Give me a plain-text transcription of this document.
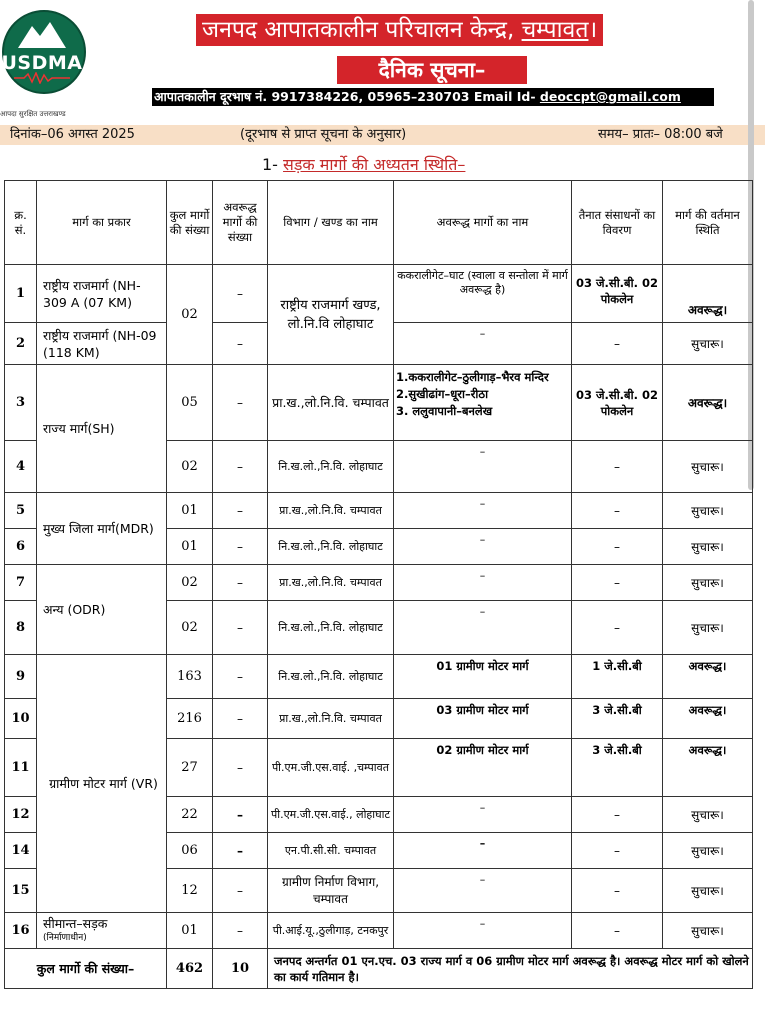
USDMA
आपदा सुरक्षित उत्तराखण्ड
जनपद आपातकालीन परिचालन केन्द्र, चम्पावत।
दैनिक सूचना–
आपातकालीन दूरभाष नं. 9917384226, 05965–230703 Email Id- deoccpt@gmail.com
दिनांक–06 अगस्त 2025	(दूरभाष से प्राप्त सूचना के अनुसार)	समय– प्रातः– 08:00 बजे
1- सड़क मार्गो की अध्यतन स्थिति–
क्र. सं.	मार्ग का प्रकार	कुल मार्गो की संख्या	अवरूद्ध मार्गो की संख्या	विभाग / खण्ड का नाम	अवरूद्ध मार्गो का नाम	तैनात संसाधनों का विवरण	मार्ग की वर्तमान स्थिति
1	राष्ट्रीय राजमार्ग (NH-309 A (07 KM)	02	–	राष्ट्रीय राजमार्ग खण्ड, लो.नि.वि लोहाघाट	ककरालीगेट–घाट (स्वाला व सन्तोला में मार्ग अवरूद्ध है)	03 जे.सी.बी. 02 पोकलेन	अवरूद्ध।
2	राष्ट्रीय राजमार्ग (NH-09 (118 KM)		–		–	–	सुचारू।
3	राज्य मार्ग(SH)	05	–	प्रा.ख.,लो.नि.वि. चम्पावत	1.ककरालीगेट–ठुलीगाड़–भैरव मन्दिर
2.सुखीढांग–धूरा–रीठा
3. ललुवापानी–बनलेख	03 जे.सी.बी. 02 पोकलेन	अवरूद्ध।
4		02	–	नि.ख.लो.,नि.वि. लोहाघाट	–	–	सुचारू।
5	मुख्य जिला मार्ग(MDR)	01	–	प्रा.ख.,लो.नि.वि. चम्पावत	–	–	सुचारू।
6		01	–	नि.ख.लो.,नि.वि. लोहाघाट	–	–	सुचारू।
7	अन्य (ODR)	02	–	प्रा.ख.,लो.नि.वि. चम्पावत	–	–	सुचारू।
8		02	–	नि.ख.लो.,नि.वि. लोहाघाट	–	–	सुचारू।
9	ग्रामीण मोटर मार्ग (VR)	163	–	नि.ख.लो.,नि.वि. लोहाघाट	01 ग्रामीण मोटर मार्ग	1 जे.सी.बी	अवरूद्ध।
10		216	–	प्रा.ख.,लो.नि.वि. चम्पावत	03 ग्रामीण मोटर मार्ग	3 जे.सी.बी	अवरूद्ध।
11		27	–	पी.एम.जी.एस.वाई. ,चम्पावत	02 ग्रामीण मोटर मार्ग	3 जे.सी.बी	अवरूद्ध।
12		22	–	पी.एम.जी.एस.वाई., लोहाघाट	–	–	सुचारू।
14		06	–	एन.पी.सी.सी. चम्पावत	–	–	सुचारू।
15		12	–	ग्रामीण निर्माण विभाग, चम्पावत	–	–	सुचारू।
16	सीमान्त–सड़क
(निर्माणाधीन)	01	–	पी.आई.यू.,ठुलीगाड़, टनकपुर	–	–	सुचारू।
कुल मार्गो की संख्या–		462	10	जनपद अन्तर्गत 01 एन.एच. 03 राज्य मार्ग व 06 ग्रामीण मोटर मार्ग अवरूद्ध है। अवरूद्ध मोटर मार्ग को खोलने का कार्य गतिमान है।			
